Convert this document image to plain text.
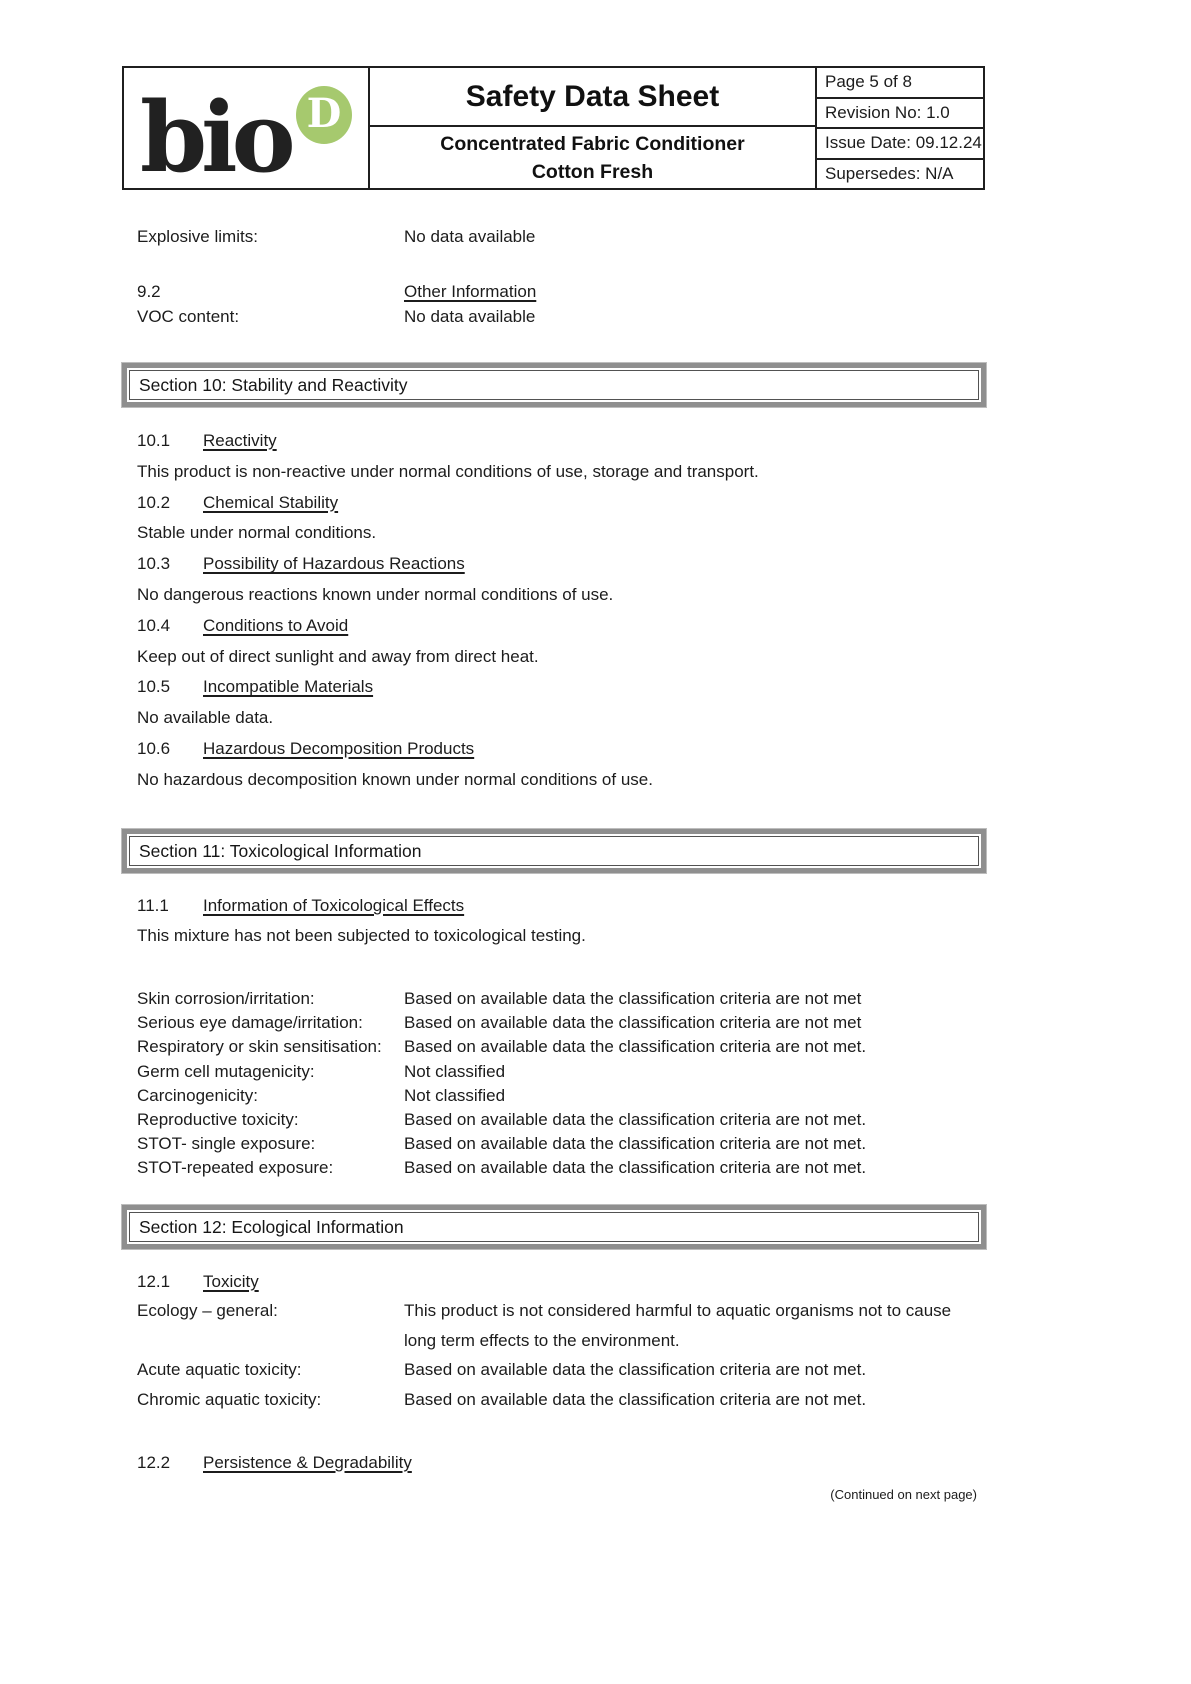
bio D	Safety Data Sheet
Concentrated Fabric Conditioner
Cotton Fresh
Page 5 of 8
Revision No: 1.0
Issue Date: 09.12.24
Supersedes: N/A
Explosive limits:	No data available
9.2	Other Information
VOC content:	No data available
Section 10: Stability and Reactivity
10.1 Reactivity
This product is non-reactive under normal conditions of use, storage and transport.
10.2 Chemical Stability
Stable under normal conditions.
10.3 Possibility of Hazardous Reactions
No dangerous reactions known under normal conditions of use.
10.4 Conditions to Avoid
Keep out of direct sunlight and away from direct heat.
10.5 Incompatible Materials
No available data.
10.6 Hazardous Decomposition Products
No hazardous decomposition known under normal conditions of use.
Section 11: Toxicological Information
11.1 Information of Toxicological Effects
This mixture has not been subjected to toxicological testing.
Skin corrosion/irritation:	Based on available data the classification criteria are not met
Serious eye damage/irritation:	Based on available data the classification criteria are not met
Respiratory or skin sensitisation:	Based on available data the classification criteria are not met.
Germ cell mutagenicity:	Not classified
Carcinogenicity:	Not classified
Reproductive toxicity:	Based on available data the classification criteria are not met.
STOT- single exposure:	Based on available data the classification criteria are not met.
STOT-repeated exposure:	Based on available data the classification criteria are not met.
Section 12: Ecological Information
12.1 Toxicity
Ecology – general:	This product is not considered harmful to aquatic organisms not to cause long term effects to the environment.
Acute aquatic toxicity:	Based on available data the classification criteria are not met.
Chromic aquatic toxicity:	Based on available data the classification criteria are not met.
12.2 Persistence & Degradability
(Continued on next page)
